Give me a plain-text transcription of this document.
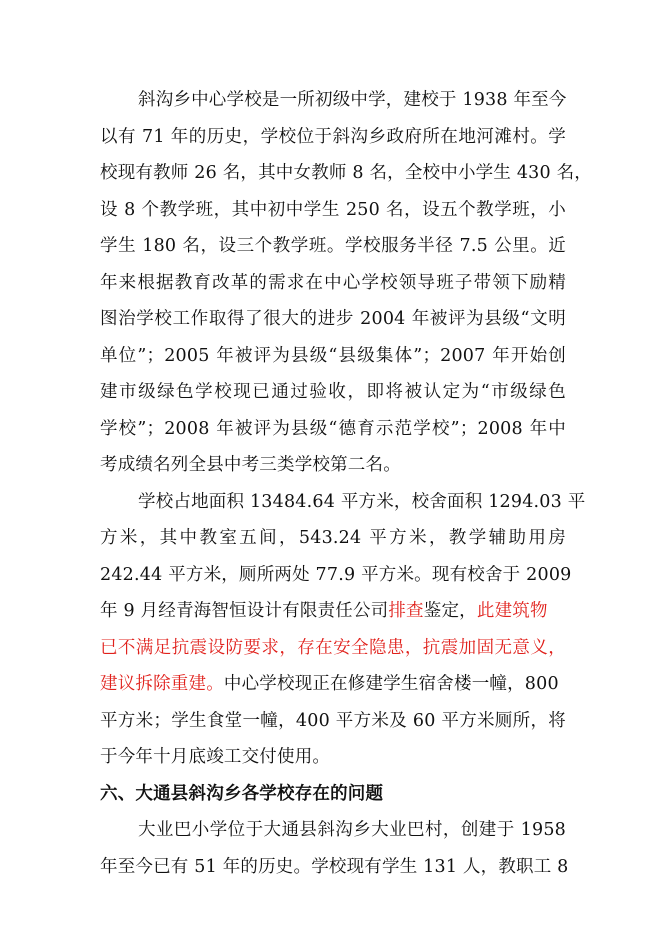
斜沟乡中心学校是一所初级中学，建校于 1938 年至今
以有 71 年的历史，学校位于斜沟乡政府所在地河滩村。学
校现有教师 26 名，其中女教师 8 名，全校中小学生 430 名，
设 8 个教学班，其中初中学生 250 名，设五个教学班，小
学生 180 名，设三个教学班。学校服务半径 7.5 公里。近
年来根据教育改革的需求在中心学校领导班子带领下励精
图治学校工作取得了很大的进步 2004 年被评为县级“文明
单位”；2005 年被评为县级“县级集体”；2007 年开始创
建市级绿色学校现已通过验收，即将被认定为“市级绿色
学校”；2008 年被评为县级“德育示范学校”；2008 年中
考成绩名列全县中考三类学校第二名。
学校占地面积 13484.64 平方米，校舍面积 1294.03 平
方米，其中教室五间，543.24 平方米，教学辅助用房
242.44 平方米，厕所两处 77.9 平方米。现有校舍于 2009
年 9 月经青海智恒设计有限责任公司排查鉴定，此建筑物
已不满足抗震设防要求，存在安全隐患，抗震加固无意义，
建议拆除重建。中心学校现正在修建学生宿舍楼一幢，800
平方米；学生食堂一幢，400 平方米及 60 平方米厕所，将
于今年十月底竣工交付使用。
六、大通县斜沟乡各学校存在的问题
大业巴小学位于大通县斜沟乡大业巴村，创建于 1958
年至今已有 51 年的历史。学校现有学生 131 人，教职工 8
